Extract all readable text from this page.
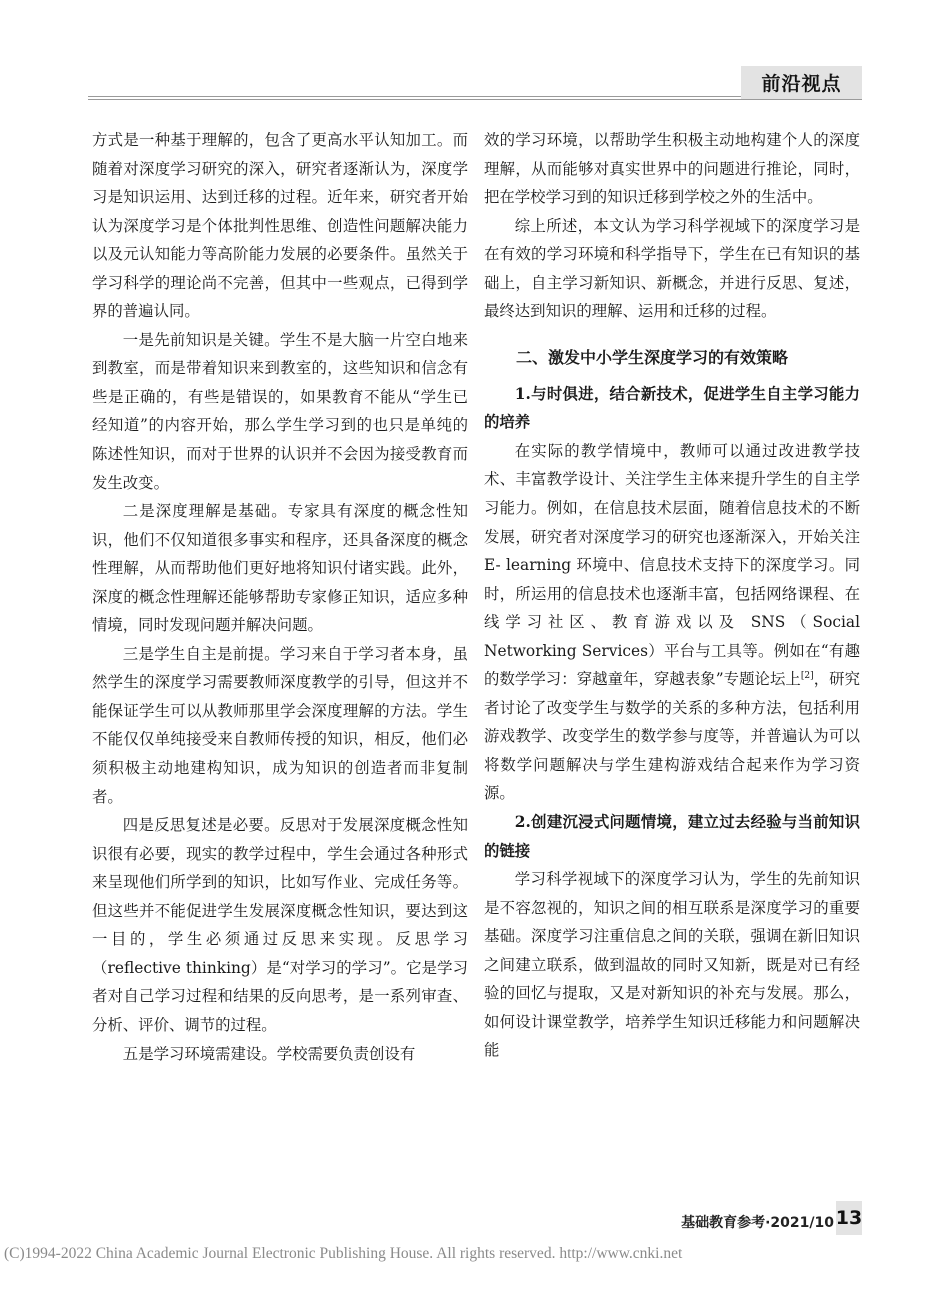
前沿视点

方式是一种基于理解的，包含了更高水平认知加工。而随着对深度学习研究的深入，研究者逐渐认为，深度学习是知识运用、达到迁移的过程。近年来，研究者开始认为深度学习是个体批判性思维、创造性问题解决能力以及元认知能力等高阶能力发展的必要条件。虽然关于学习科学的理论尚不完善，但其中一些观点，已得到学界的普遍认同。

一是先前知识是关键。学生不是大脑一片空白地来到教室，而是带着知识来到教室的，这些知识和信念有些是正确的，有些是错误的，如果教育不能从“学生已经知道”的内容开始，那么学生学习到的也只是单纯的陈述性知识，而对于世界的认识并不会因为接受教育而发生改变。

二是深度理解是基础。专家具有深度的概念性知识，他们不仅知道很多事实和程序，还具备深度的概念性理解，从而帮助他们更好地将知识付诸实践。此外，深度的概念性理解还能够帮助专家修正知识，适应多种情境，同时发现问题并解决问题。

三是学生自主是前提。学习来自于学习者本身，虽然学生的深度学习需要教师深度教学的引导，但这并不能保证学生可以从教师那里学会深度理解的方法。学生不能仅仅单纯接受来自教师传授的知识，相反，他们必须积极主动地建构知识，成为知识的创造者而非复制者。

四是反思复述是必要。反思对于发展深度概念性知识很有必要，现实的教学过程中，学生会通过各种形式来呈现他们所学到的知识，比如写作业、完成任务等。但这些并不能促进学生发展深度概念性知识，要达到这一目的，学生必须通过反思来实现。反思学习（reflective thinking）是“对学习的学习”。它是学习者对自己学习过程和结果的反向思考，是一系列审查、分析、评价、调节的过程。

五是学习环境需建设。学校需要负责创设有

效的学习环境，以帮助学生积极主动地构建个人的深度理解，从而能够对真实世界中的问题进行推论，同时，把在学校学习到的知识迁移到学校之外的生活中。

综上所述，本文认为学习科学视域下的深度学习是在有效的学习环境和科学指导下，学生在已有知识的基础上，自主学习新知识、新概念，并进行反思、复述，最终达到知识的理解、运用和迁移的过程。

二、激发中小学生深度学习的有效策略

1.与时俱进，结合新技术，促进学生自主学习能力的培养

在实际的教学情境中，教师可以通过改进教学技术、丰富教学设计、关注学生主体来提升学生的自主学习能力。例如，在信息技术层面，随着信息技术的不断发展，研究者对深度学习的研究也逐渐深入，开始关注 E- learning 环境中、信息技术支持下的深度学习。同时，所运用的信息技术也逐渐丰富，包括网络课程、在线学习社区、教育游戏以及 SNS（Social Networking Services）平台与工具等。例如在“有趣的数学学习：穿越童年，穿越表象”专题论坛上[2]，研究者讨论了改变学生与数学的关系的多种方法，包括利用游戏教学、改变学生的数学参与度等，并普遍认为可以将数学问题解决与学生建构游戏结合起来作为学习资源。

2.创建沉浸式问题情境，建立过去经验与当前知识的链接

学习科学视域下的深度学习认为，学生的先前知识是不容忽视的，知识之间的相互联系是深度学习的重要基础。深度学习注重信息之间的关联，强调在新旧知识之间建立联系，做到温故的同时又知新，既是对已有经验的回忆与提取，又是对新知识的补充与发展。那么，如何设计课堂教学，培养学生知识迁移能力和问题解决能

基础教育参考·2021/10 13
(C)1994-2022 China Academic Journal Electronic Publishing House. All rights reserved. http://www.cnki.net
